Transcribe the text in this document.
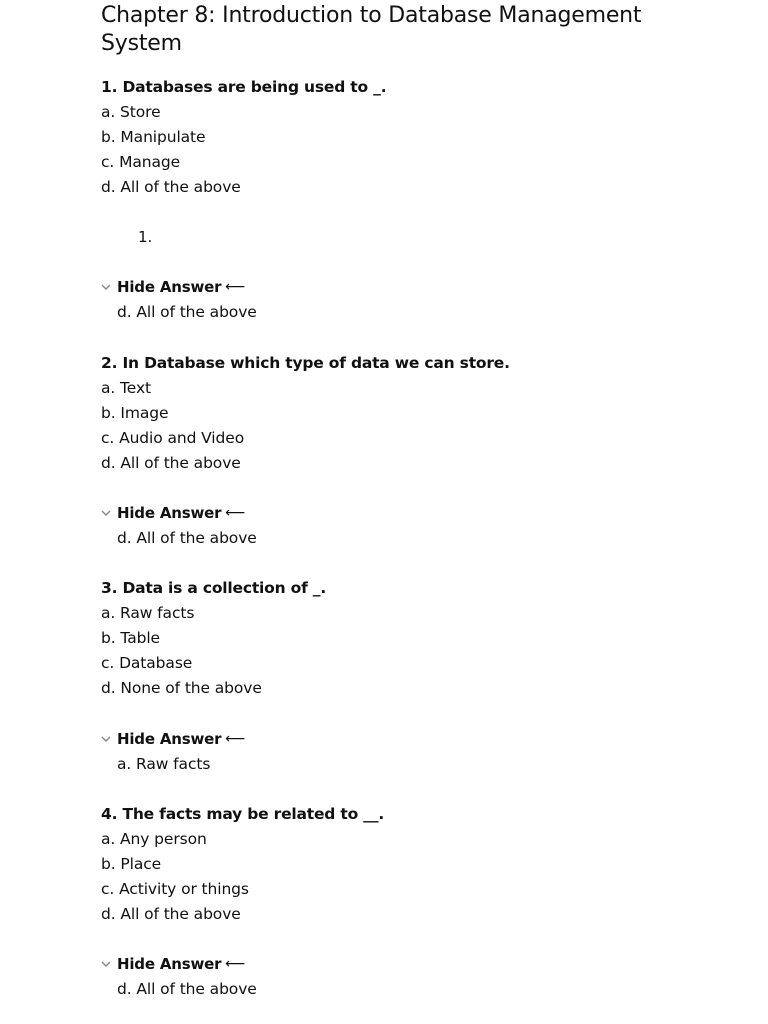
Chapter 8: Introduction to Database Management System
1. Databases are being used to _.
a. Store
b. Manipulate
c. Manage
d. All of the above
1.
Hide Answer ⟵
d. All of the above
2. In Database which type of data we can store.
a. Text
b. Image
c. Audio and Video
d. All of the above
Hide Answer ⟵
d. All of the above
3. Data is a collection of _.
a. Raw facts
b. Table
c. Database
d. None of the above
Hide Answer ⟵
a. Raw facts
4. The facts may be related to __.
a. Any person
b. Place
c. Activity or things
d. All of the above
Hide Answer ⟵
d. All of the above
